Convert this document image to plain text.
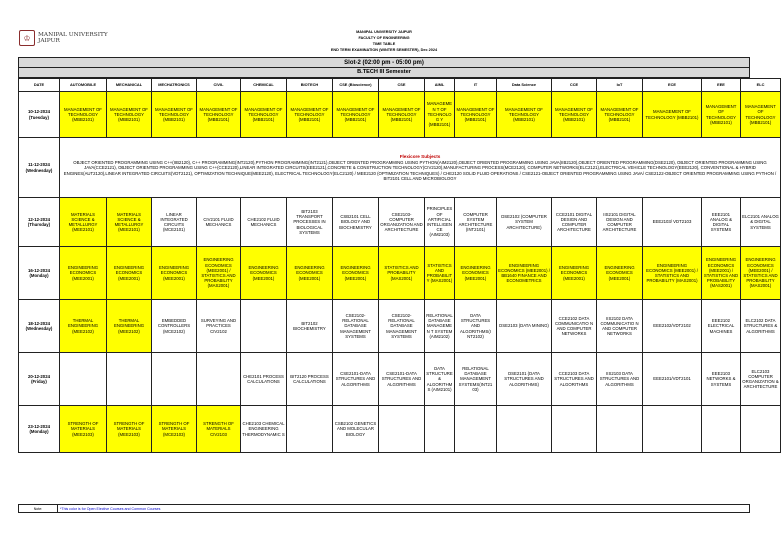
♔	MANIPAL UNIVERSITY
JAIPUR
MANIPAL UNIVERSITY JAIPUR
FACULTY OF ENGINEERING
TIME TABLE
END TERM EXAMINATION (WINTER SEMESTER), Dec 2024
Slot-2 (02:00 pm - 05:00 pm)
B.TECH III Semester
DATE	AUTOMOBILE	MECHANICAL	MECHATRONICS	CIVIL	CHEMICAL	BIOTECH	CSE (Bioscience)	CSE	AIML	IT	Data Science	CCE	IoT	ECE	EEE	ELC
10-12-2024 (Tuesday)	MANAGEMENT OF TECHNOLOGY (MBB2101)	MANAGEMENT OF TECHNOLOGY (MBB2101)	MANAGEMENT OF TECHNOLOGY (MBB2101)	MANAGEMENT OF TECHNOLOGY (MBB2101)	MANAGEMENT OF TECHNOLOGY (MBB2101)	MANAGEMENT OF TECHNOLOGY (MBB2101)	MANAGEMENT OF TECHNOLOGY (MBB2101)	MANAGEMENT OF TECHNOLOGY (MBB2101)	MANAGEMEN T OF TECHNOLOG Y (MBB2101)	MANAGEMENT OF TECHNOLOGY (MBB2101)	MANAGEMENT OF TECHNOLOGY (MBB2101)	MANAGEMENT OF TECHNOLOGY (MBB2101)	MANAGEMENT OF TECHNOLOGY (MBB2101)	MANAGEMENT OF TECHNOLOGY (MBB2101)	MANAGEMENT OF TECHNOLOGY (MBB2101)	MANAGEMENT OF TECHNOLOGY (MBB2101)
11-12-2024 (Wednesday)	Flexicore Subjects
OBJECT ORIENTED PROGRAMMING USING C++(IIB2120), C++ PROGRAMMING(INT2120),PYTHON PROGRAMMING(INT2121),OBJECT ORIENTED PROGRAMMING USING PYTHON(AIM2120),OBJECT ORIENTED PROGRAMMING USING JAVA(IIB2120),OBJECT ORIENTED PROGRAMMING(DSE2120), OBJECT ORIENTED PROGRAMMING USING JAVA(CCE2121), OBJECT ORIENTED PROGRAMMING USING C++(CCE2120),LINEAR INTEGRATED CIRCUITS(EEE2121),CONCRETE & CONSTRUCTION TECHNOLOGY(CIV2120),MANUFACTURING PROCESS(MCE2120), COMPUTER NETWORKS(ELC2121),ELECTRICAL VEHICLE TECHNOLOGY(EEE2120), CONVENTIONAL & HYBRID ENGINES(AUT2120),LINEAR INTEGRATED CIRCUITS(VDT2121), OPTIMIZATION TECHNIQUE(MEE2120), ELECTRICAL TECHNOLOGY(ELC2120) / MEE2120 (OPTIMIZATION TECHNIQUES) / CHE2120 SOLID FLUID OPERATIONS / CSE2121-OBJECT ORIENTED PROGRAMMING USING JAVA/ CSE2122-OBJECT ORIENTED PROGRAMMING USING PYTHON / BIT2101 CELL AND MICROBIOLOGY															
12-12-2024 (Thursday)	MATERIALS SCIENCE & METALLURGY (MEE2101)	MATERIALS SCIENCE & METALLURGY (MEE2101)	LINEAR INTEGRATED CIRCUITS (MCE2101)	CIV2101 FLUID MECHANICS	CHE2102 FLUID MECHANICS	BIT2103 TRANSPORT PROCESSES IN BIOLOGICAL SYSTEMS	CSB2101 CELL BIOLOGY AND BIOCHEMISTRY	CSE2103-COMPUTER ORGANIZATION AND ARCHITECTURE	PRINCIPLES OF ARTIFICIAL INTELLIGEN CE (AIM2103)	COMPUTER SYSTEM ARCHITECTURE (INT2101)	DSE2102 (COMPUTER SYSTEM ARCHITECTURE)	CCE2101 DIGITAL DESIGN AND COMPUTER ARCHITECTURE	IIS2101 DIGITAL DESIGN AND COMPUTER ARCHITECTURE	EEE2103/ VDT2103	EEE2101 ANALOG & DIGITAL SYSTEMS	ELC2101 ANALOG & DIGITAL SYSTEMS
16-12-2024 (Monday)	ENGINEERING ECONOMICS (MEE2001)	ENGINEERING ECONOMICS (MEE2001)	ENGINEERING ECONOMICS (MEE2001)	ENGINEERING ECONOMICS (MEE2001) / STATISTICS AND PROBABILITY (MAS2001)	ENGINEERING ECONOMICS (MEE2001)	ENGINEERING ECONOMICS (MEE2001)	ENGINEERING ECONOMICS (MEE2001)	STATISTICS AND PROBABILITY (MAS2001)	STATISTICS AND PROBABILIT Y (MAS2001)	ENGINEERING ECONOMICS (MEE2001)	ENGINEERING ECONOMICS (MEE2001) / BB1640 FINANCE AND ECONOMETRICS	ENGINEERING ECONOMICS (MEE2001)	ENGINEERING ECONOMICS (MEE2001)	ENGINEERING ECONOMICS (MEE2001) / STATISTICS AND PROBABILITY (MAS2001)	ENGINEERING ECONOMICS (MEE2001) / STATISTICS AND PROBABILITY (MAS2001)	ENGINEERING ECONOMICS (MEE2001) / STATISTICS AND PROBABILITY (MAS2001)
18-12-2024 (Wednesday)	THERMAL ENGINEERING (MEE2102)	THERMAL ENGINEERING (MEE2102)	EMBEDDED CONTROLLERS (MCE2102)	SURVEYING AND PRACTICES CIV2102		BIT2102 BIOCHEMISTRY	CSE2102- RELATIONAL DATABASE MANAGEMENT SYSTEMS	CSE2102- RELATIONAL DATABASE MANAGEMENT SYSTEMS	RELATIONAL DATABASE MANAGEMEN T SYSTEM (AIM2102)	DATA STRUCTURES AND ALGORITHMS(I NT2102)	DSE2103 (DATA MINING)	CCE2102 DATA COMMUNICATIO N AND COMPUTER NETWORKS	IIS2102 DATA COMMUNICATIO N AND COMPUTER NETWORKS	EEE2102/VDT2102	EEE2102 ELECTRICAL MACHINES	ELC2102 DATA STRUCTURES & ALGORITHMS
20-12-2024 (Friday)					CHE2101 PROCESS CALCULATIONS	BIT2120 PROCESS CALCULATIONS	CSE2101-DATA STRUCTURES AND ALGORITHMS	CSE2101-DATA STRUCTURES AND ALGORITHMS	DATA STRUCTURE & ALGORITHM S (AIM2101)	RELATIONAL DATABASE MANAGEMENT SYSTEMS(INT21 03)	DSE2101 (DATA STRUCTURES AND ALGORITHMS)	CCE2103 DATA STRUCTURES AND ALGORITHMS	IIS2103 DATA STRUCTURES AND ALGORITHMS	EEE2101/VDT2101	EEE2103 NETWORKS & SYSTEMS	ELC2103 COMPUTER ORGANIZATION & ARCHITECTURE
23-12-2024 (Monday)	STRENGTH OF MATERIALS (MEE2103)	STRENGTH OF MATERIALS (MEE2103)	STRENGTH OF MATERIALS (MCE2103)	STRENGTH OF MATERIALS CIV2103	CHE2103 CHEMICAL ENGINEERING THERMODYNAMIC S		CSB2102 GENETICS AND MOLECULAR BIOLOGY									
Note:	*This color is for Open Elective Courses and Common Courses
